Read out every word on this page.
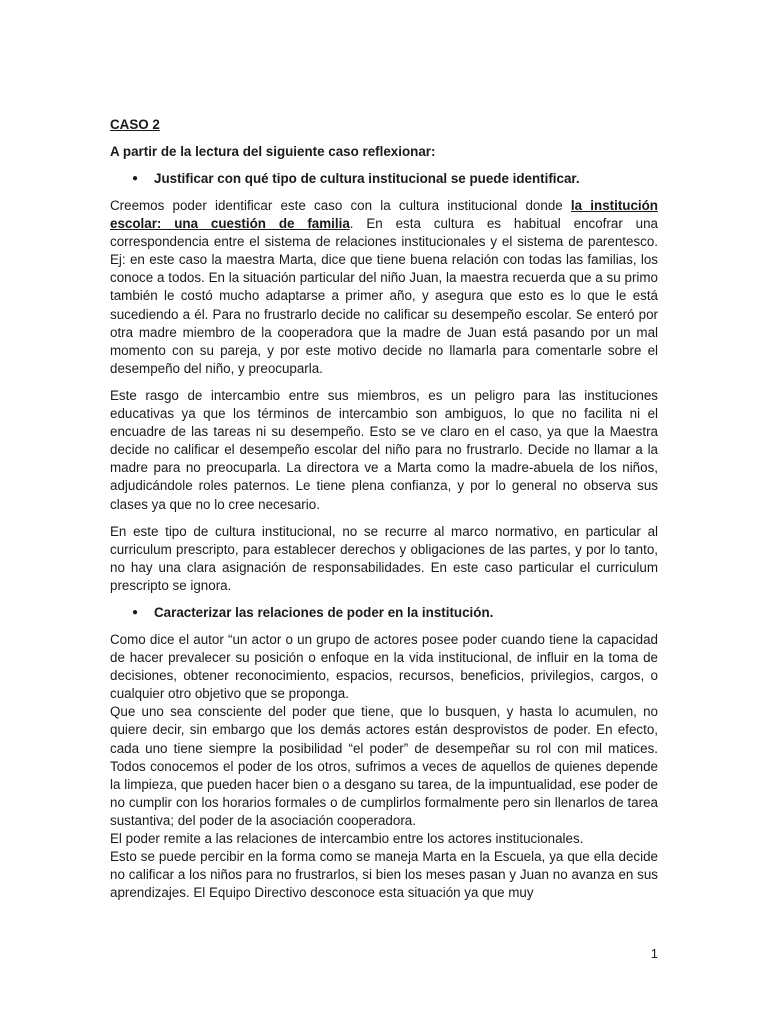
CASO 2

A partir de la lectura del siguiente caso reflexionar:

●	Justificar con qué tipo de cultura institucional se puede identificar.

Creemos poder identificar este caso con la cultura institucional donde la institución escolar: una cuestión de familia. En esta cultura es habitual encofrar una correspondencia entre el sistema de relaciones institucionales y el sistema de parentesco. Ej: en este caso la maestra Marta, dice que tiene buena relación con todas las familias, los conoce a todos. En la situación particular del niño Juan, la maestra recuerda que a su primo también le costó mucho adaptarse a primer año, y asegura que esto es lo que le está sucediendo a él. Para no frustrarlo decide no calificar su desempeño escolar. Se enteró por otra madre miembro de la cooperadora que la madre de Juan está pasando por un mal momento con su pareja, y por este motivo decide no llamarla para comentarle sobre el desempeño del niño, y preocuparla.

Este rasgo de intercambio entre sus miembros, es un peligro para las instituciones educativas ya que los términos de intercambio son ambiguos, lo que no facilita ni el encuadre de las tareas ni su desempeño. Esto se ve claro en el caso, ya que la Maestra decide no calificar el desempeño escolar del niño para no frustrarlo. Decide no llamar a la madre para no preocuparla. La directora ve a Marta como la madre-abuela de los niños, adjudicándole roles paternos. Le tiene plena confianza, y por lo general no observa sus clases ya que no lo cree necesario.

En este tipo de cultura institucional, no se recurre al marco normativo, en particular al curriculum prescripto, para establecer derechos y obligaciones de las partes, y por lo tanto, no hay una clara asignación de responsabilidades. En este caso particular el curriculum prescripto se ignora.

●	Caracterizar las relaciones de poder en la institución.

Como dice el autor “un actor o un grupo de actores posee poder cuando tiene la capacidad de hacer prevalecer su posición o enfoque en la vida institucional, de influir en la toma de decisiones, obtener reconocimiento, espacios, recursos, beneficios, privilegios, cargos, o cualquier otro objetivo que se proponga.

Que uno sea consciente del poder que tiene, que lo busquen, y hasta lo acumulen, no quiere decir, sin embargo que los demás actores están desprovistos de poder. En efecto, cada uno tiene siempre la posibilidad “el poder” de desempeñar su rol con mil matices. Todos conocemos el poder de los otros, sufrimos a veces de aquellos de quienes depende la limpieza, que pueden hacer bien o a desgano su tarea, de la impuntualidad, ese poder de no cumplir con los horarios formales o de cumplirlos formalmente pero sin llenarlos de tarea sustantiva; del poder de la asociación cooperadora.

El poder remite a las relaciones de intercambio entre los actores institucionales.

Esto se puede percibir en la forma como se maneja Marta en la Escuela, ya que ella decide no calificar a los niños para no frustrarlos, si bien los meses pasan y Juan no avanza en sus aprendizajes. El Equipo Directivo desconoce esta situación ya que muy

1
